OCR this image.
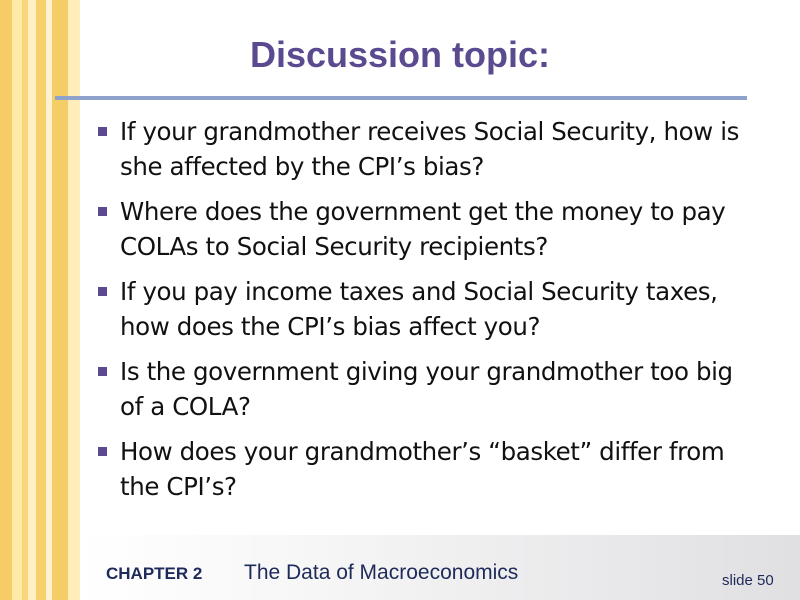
Discussion topic:
If your grandmother receives Social Security, how is she affected by the CPI’s bias?
Where does the government get the money to pay COLAs to Social Security recipients?
If you pay income taxes and Social Security taxes, how does the CPI’s bias affect you?
Is the government giving your grandmother too big of a COLA?
How does your grandmother’s “basket” differ from the CPI’s?
CHAPTER 2 The Data of Macroeconomics	slide 50
